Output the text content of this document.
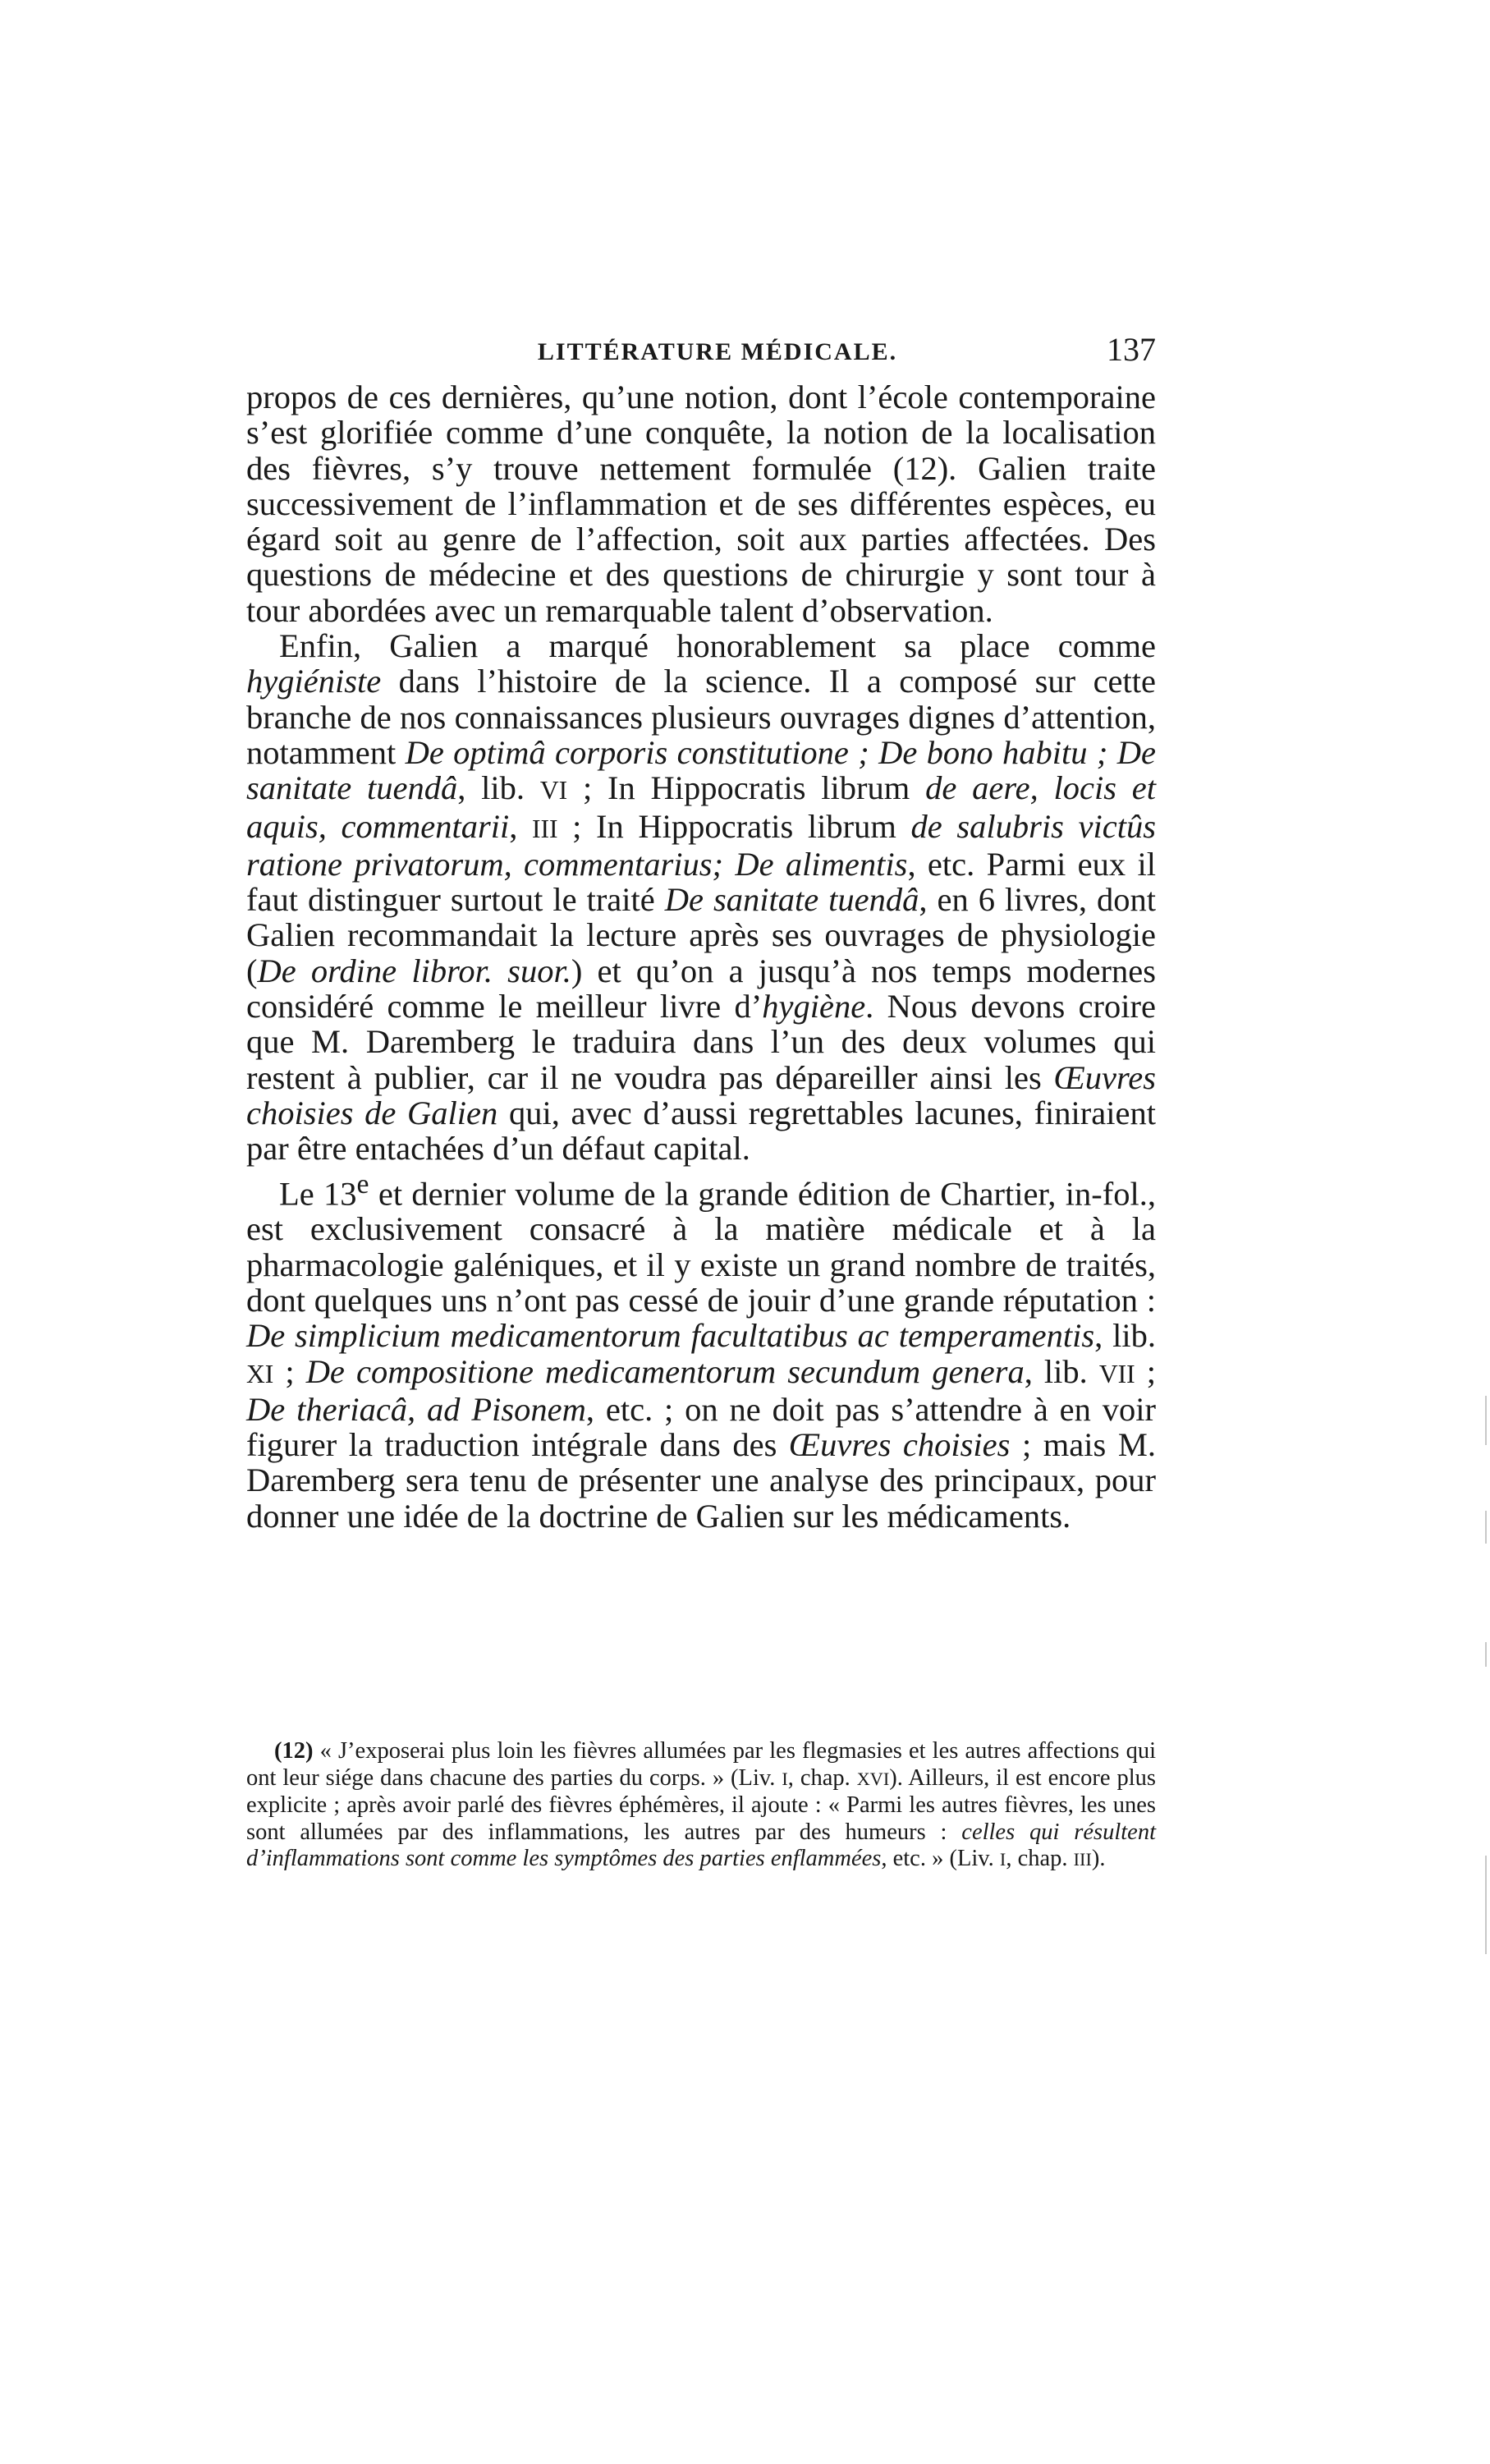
LITTÉRATURE MÉDICALE.	137

propos de ces dernières, qu’une notion, dont l’école contemporaine s’est glorifiée comme d’une conquête, la notion de la localisation des fièvres, s’y trouve nettement formulée (12). Galien traite successivement de l’inflammation et de ses différentes espèces, eu égard soit au genre de l’affection, soit aux parties affectées. Des questions de médecine et des questions de chirurgie y sont tour à tour abordées avec un remarquable talent d’observation.

Enfin, Galien a marqué honorablement sa place comme hygiéniste dans l’histoire de la science. Il a composé sur cette branche de nos connaissances plusieurs ouvrages dignes d’attention, notamment De optimâ corporis constitutione ; De bono habitu ; De sanitate tuendâ, lib. VI ; In Hippocratis librum de aere, locis et aquis, commentarii, III ; In Hippocratis librum de salubris victûs ratione privatorum, commentarius; De alimentis, etc. Parmi eux il faut distinguer surtout le traité De sanitate tuendâ, en 6 livres, dont Galien recommandait la lecture après ses ouvrages de physiologie (De ordine libror. suor.) et qu’on a jusqu’à nos temps modernes considéré comme le meilleur livre d’hygiène. Nous devons croire que M. Daremberg le traduira dans l’un des deux volumes qui restent à publier, car il ne voudra pas dépareiller ainsi les Œuvres choisies de Galien qui, avec d’aussi regrettables lacunes, finiraient par être entachées d’un défaut capital.

Le 13e et dernier volume de la grande édition de Chartier, in-fol., est exclusivement consacré à la matière médicale et à la pharmacologie galéniques, et il y existe un grand nombre de traités, dont quelques uns n’ont pas cessé de jouir d’une grande réputation : De simplicium medicamentorum facultatibus ac temperamentis, lib. XI ; De compositione medicamentorum secundum genera, lib. VII ; De theriacâ, ad Pisonem, etc. ; on ne doit pas s’attendre à en voir figurer la traduction intégrale dans des Œuvres choisies ; mais M. Daremberg sera tenu de présenter une analyse des principaux, pour donner une idée de la doctrine de Galien sur les médicaments.

(12) « J’exposerai plus loin les fièvres allumées par les flegmasies et les autres affections qui ont leur siége dans chacune des parties du corps. » (Liv. I, chap. XVI). Ailleurs, il est encore plus explicite ; après avoir parlé des fièvres éphémères, il ajoute : « Parmi les autres fièvres, les unes sont allumées par des inflammations, les autres par des humeurs : celles qui résultent d’inflammations sont comme les symptômes des parties enflammées, etc. » (Liv. I, chap. III).
